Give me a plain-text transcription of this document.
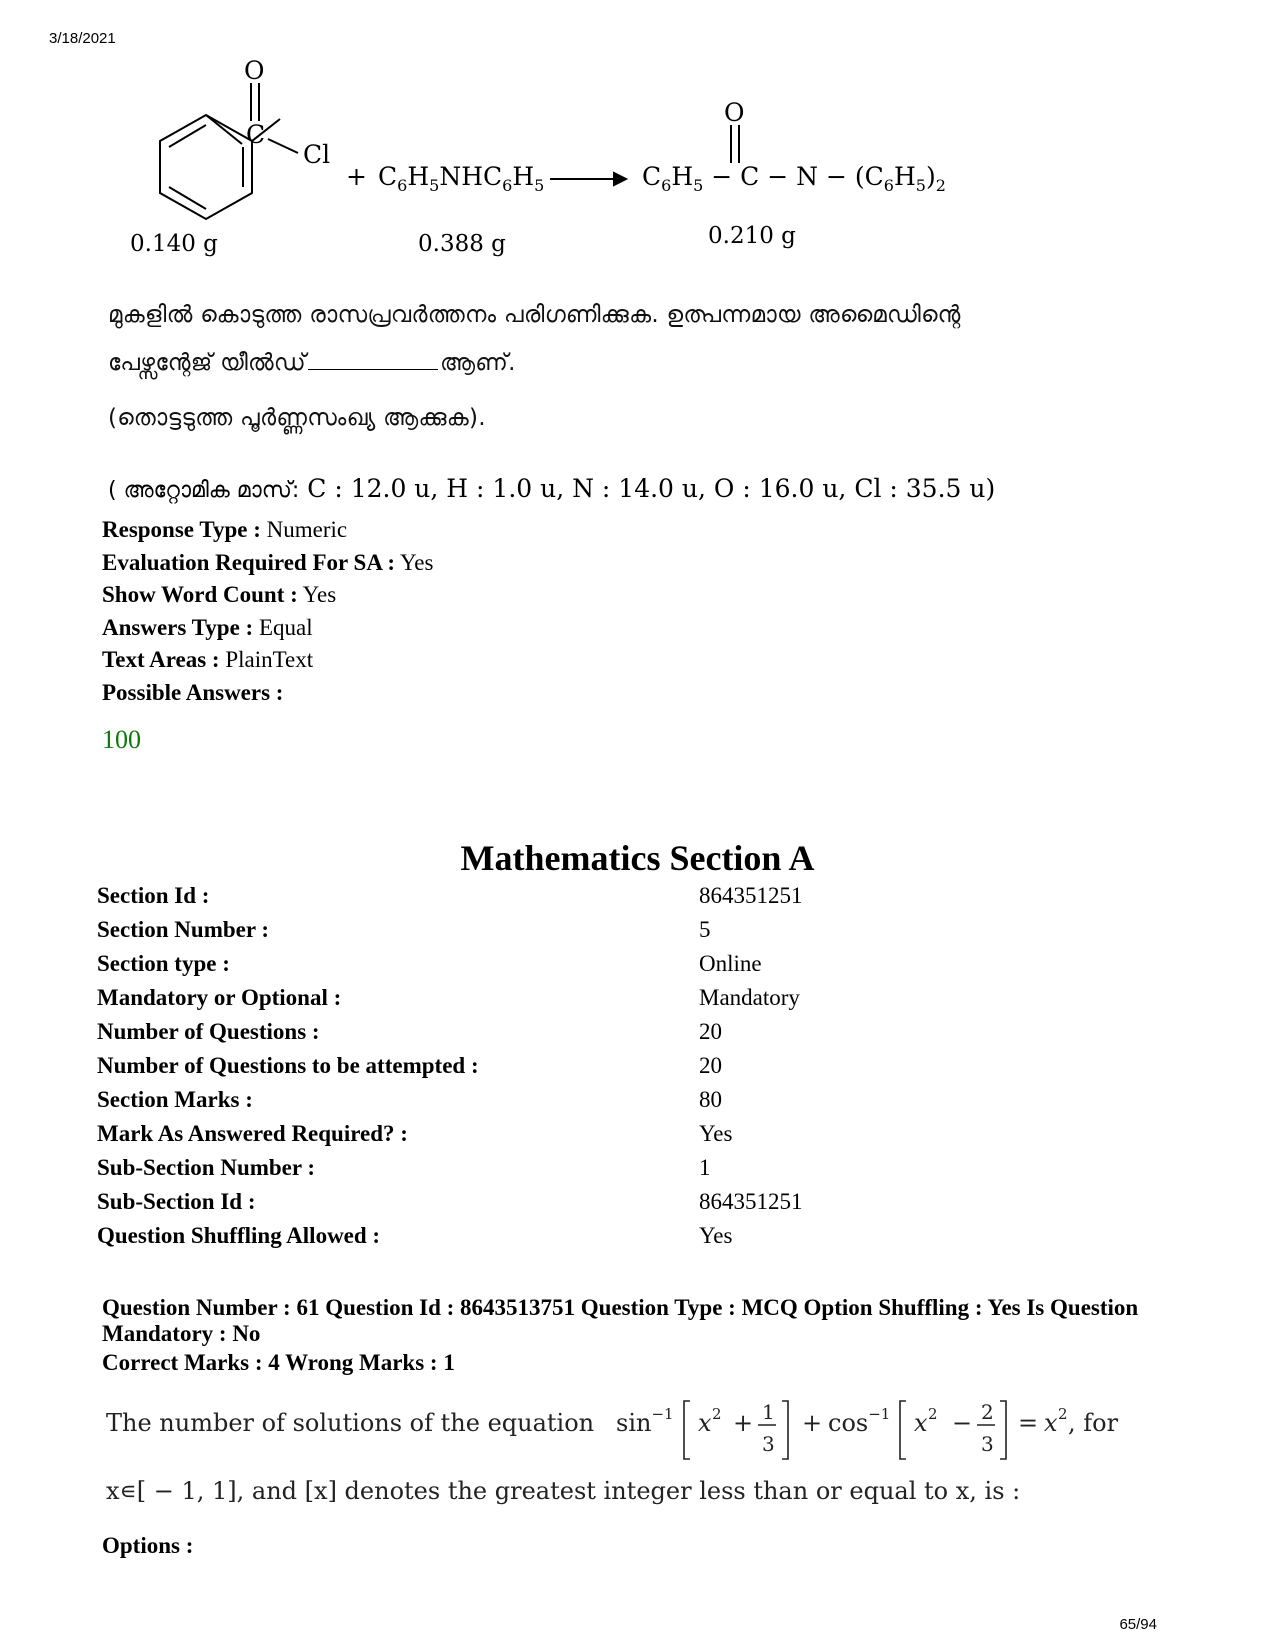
3/18/2021
O
C
Cl
+ $C_6H_5NHC_6H_5$	$C_6H_5 - C - N - (C_6H_5)_2$
O
0.140 g	0.388 g	0.210 g
മുകളിൽ കൊടുത്ത രാസപ്രവർത്തനം പരിഗണിക്കുക. ഉത്പന്നമായ അമൈഡിന്റെ
പേഴ്സന്റേജ് യീൽഡ്	ആണ്.
(തൊട്ടടുത്ത പൂർണ്ണസംഖ്യ ആക്കുക).
( അറ്റോമിക മാസ്: C : 12.0 u, H : 1.0 u, N : 14.0 u, O : 16.0 u, Cl : 35.5 u)
Response Type : Numeric
Evaluation Required For SA : Yes
Show Word Count : Yes
Answers Type : Equal
Text Areas : PlainText
Possible Answers :
100
Mathematics Section A
Section Id :	864351251
Section Number :	5
Section type :	Online
Mandatory or Optional :	Mandatory
Number of Questions :	20
Number of Questions to be attempted :	20
Section Marks :	80
Mark As Answered Required? :	Yes
Sub-Section Number :	1
Sub-Section Id :	864351251
Question Shuffling Allowed :	Yes
Question Number : 61 Question Id : 8643513751 Question Type : MCQ Option Shuffling : Yes Is Question Mandatory : No
Correct Marks : 4 Wrong Marks : 1
The number of solutions of the equation $\sin^{-1} x$ 2 + 1
3
+ $\cos^{-1} x$ 2 − 2
3
= x 2 , for
x∊[ − 1, 1], and [x] denotes the greatest integer less than or equal to x, is :
Options :
65/94
